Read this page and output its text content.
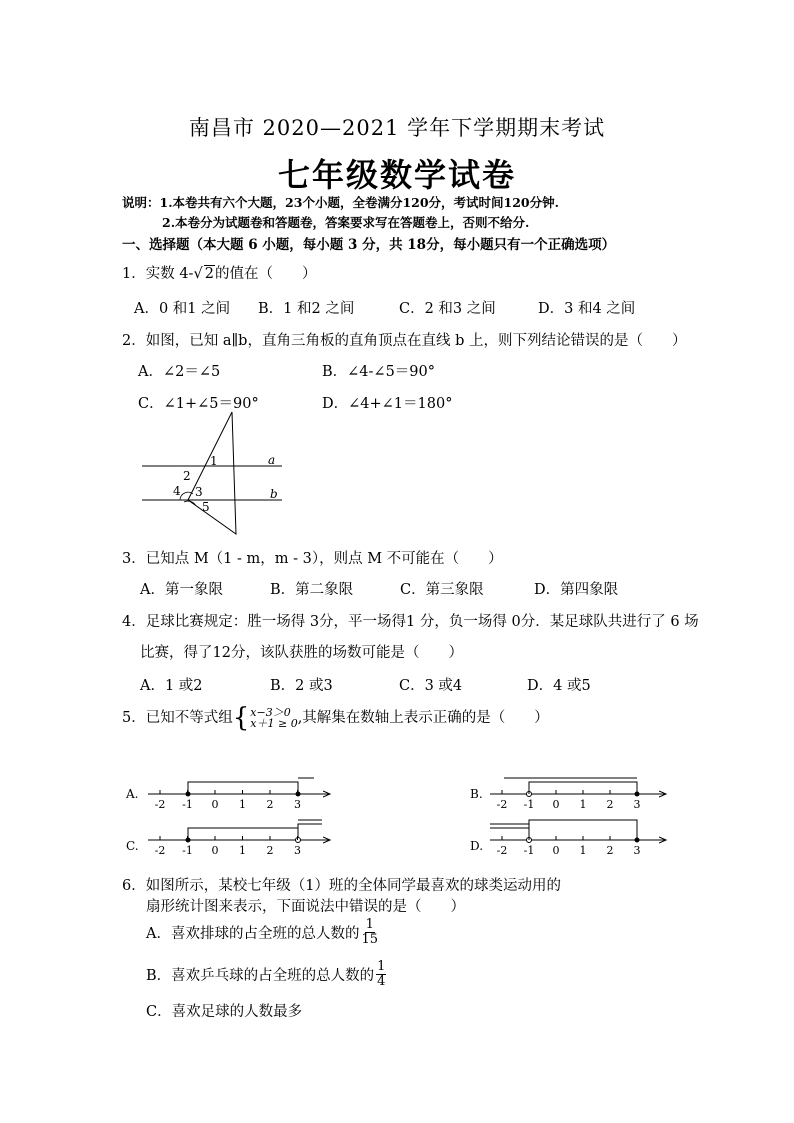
南昌市 2020—2021 学年下学期期末考试
七年级数学试卷
说明：1.本卷共有六个大题，23个小题，全卷满分120分，考试时间120分钟.
2.本卷分为试题卷和答题卷，答案要求写在答题卷上，否则不给分.
一、选择题（本大题 6 小题，每小题 3 分，共 18分，每小题只有一个正确选项）
1．实数 4-√ 2的值在（　　）
A．0 和1 之间 B．1 和2 之间	C．2 和3 之间	D．3 和4 之间
2．如图，已知 a∥b，直角三角板的直角顶点在直线 b 上，则下列结论错误的是（　　）
A．∠2＝∠5	B．∠4-∠5＝90°
C．∠1+∠5＝90°	D．∠4+∠1＝180°
1
2
3
4
5
a
b
3．已知点 M（1 - m，m - 3），则点 M 不可能在（　　）
A．第一象限	B．第二象限	C．第三象限	D．第四象限
4．足球比赛规定：胜一场得 3分，平一场得1 分，负一场得 0分．某足球队共进行了 6 场
比赛，得了12分，该队获胜的场数可能是（　　）
A．1 或2	B．2 或3	C．3 或4	D．4 或5
5．已知不等式组 { x−3＞0
x＋1 ≥ 0 ,其解集在数轴上表示正确的是（　　）
A.
-2 -1 0 1 2 3
B.
-2 -1 0 1 2 3
C. -2 -1 0 1 2 3	D. -2 -1 0 1 2 3
6．如图所示，某校七年级（1）班的全体同学最喜欢的球类运动用的
扇形统计图来表示，下面说法中错误的是（　　）
A．喜欢排球的占全班的总人数的 $\frac{1}{15}$
B．喜欢乒乓球的占全班的总人数的 $\frac{1}{4}$
C．喜欢足球的人数最多
